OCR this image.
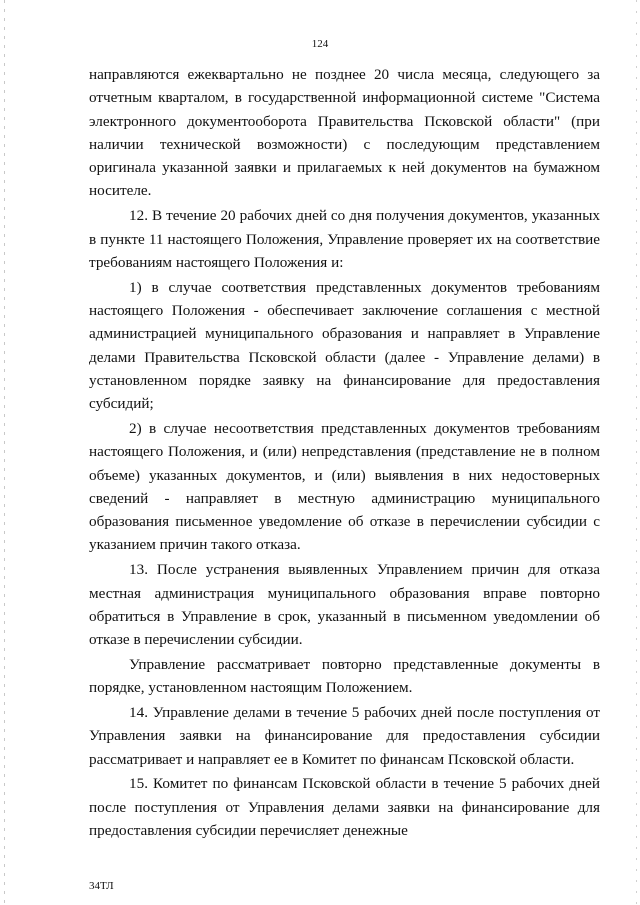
124

направляются ежеквартально не позднее 20 числа месяца, следующего за отчетным кварталом, в государственной информационной системе "Система электронного документооборота Правительства Псковской области" (при наличии технической возможности) с последующим представлением оригинала указанной заявки и прилагаемых к ней документов на бумажном носителе.

12. В течение 20 рабочих дней со дня получения документов, указанных в пункте 11 настоящего Положения, Управление проверяет их на соответствие требованиям настоящего Положения и:

1) в случае соответствия представленных документов требованиям настоящего Положения - обеспечивает заключение соглашения с местной администрацией муниципального образования и направляет в Управление делами Правительства Псковской области (далее - Управление делами) в установленном порядке заявку на финансирование для предоставления субсидий;

2) в случае несоответствия представленных документов требованиям настоящего Положения, и (или) непредставления (представление не в полном объеме) указанных документов, и (или) выявления в них недостоверных сведений - направляет в местную администрацию муниципального образования письменное уведомление об отказе в перечислении субсидии с указанием причин такого отказа.

13. После устранения выявленных Управлением причин для отказа местная администрация муниципального образования вправе повторно обратиться в Управление в срок, указанный в письменном уведомлении об отказе в перечислении субсидии.

Управление рассматривает повторно представленные документы в порядке, установленном настоящим Положением.

14. Управление делами в течение 5 рабочих дней после поступления от Управления заявки на финансирование для предоставления субсидии рассматривает и направляет ее в Комитет по финансам Псковской области.

15. Комитет по финансам Псковской области в течение 5 рабочих дней после поступления от Управления делами заявки на финансирование для предоставления субсидии перечисляет денежные

34ТЛ
